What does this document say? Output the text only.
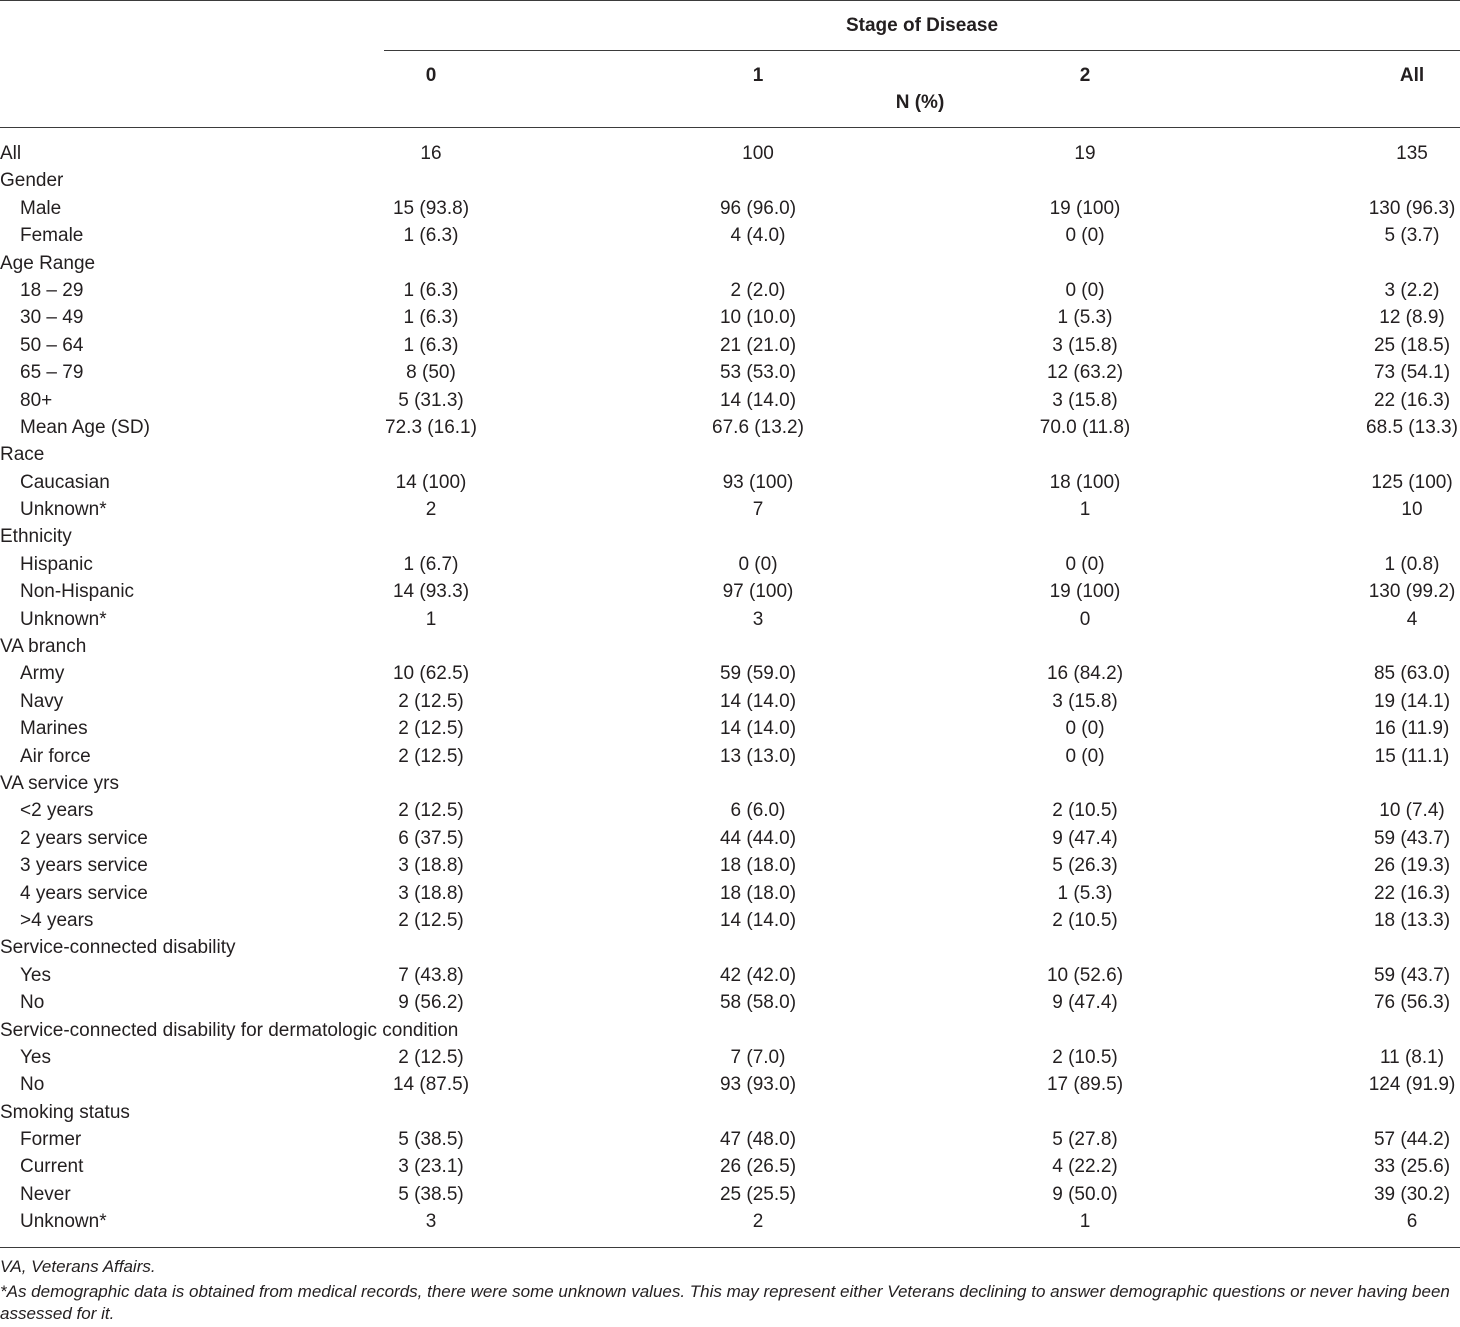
Stage of Disease
0	1	2	All
N (%)
All	16	100	19	135
Gender
Male	15 (93.8)	96 (96.0)	19 (100)	130 (96.3)
Female	1 (6.3)	4 (4.0)	0 (0)	5 (3.7)
Age Range
18 – 29	1 (6.3)	2 (2.0)	0 (0)	3 (2.2)
30 – 49	1 (6.3)	10 (10.0)	1 (5.3)	12 (8.9)
50 – 64	1 (6.3)	21 (21.0)	3 (15.8)	25 (18.5)
65 – 79	8 (50)	53 (53.0)	12 (63.2)	73 (54.1)
80+	5 (31.3)	14 (14.0)	3 (15.8)	22 (16.3)
Mean Age (SD)	72.3 (16.1)	67.6 (13.2)	70.0 (11.8)	68.5 (13.3)
Race
Caucasian	14 (100)	93 (100)	18 (100)	125 (100)
Unknown*	2	7	1	10
Ethnicity
Hispanic	1 (6.7)	0 (0)	0 (0)	1 (0.8)
Non-Hispanic	14 (93.3)	97 (100)	19 (100)	130 (99.2)
Unknown*	1	3	0	4
VA branch
Army	10 (62.5)	59 (59.0)	16 (84.2)	85 (63.0)
Navy	2 (12.5)	14 (14.0)	3 (15.8)	19 (14.1)
Marines	2 (12.5)	14 (14.0)	0 (0)	16 (11.9)
Air force	2 (12.5)	13 (13.0)	0 (0)	15 (11.1)
VA service yrs
<2 years	2 (12.5)	6 (6.0)	2 (10.5)	10 (7.4)
2 years service	6 (37.5)	44 (44.0)	9 (47.4)	59 (43.7)
3 years service	3 (18.8)	18 (18.0)	5 (26.3)	26 (19.3)
4 years service	3 (18.8)	18 (18.0)	1 (5.3)	22 (16.3)
>4 years	2 (12.5)	14 (14.0)	2 (10.5)	18 (13.3)
Service-connected disability
Yes	7 (43.8)	42 (42.0)	10 (52.6)	59 (43.7)
No	9 (56.2)	58 (58.0)	9 (47.4)	76 (56.3)
Service-connected disability for dermatologic condition
Yes	2 (12.5)	7 (7.0)	2 (10.5)	11 (8.1)
No	14 (87.5)	93 (93.0)	17 (89.5)	124 (91.9)
Smoking status
Former	5 (38.5)	47 (48.0)	5 (27.8)	57 (44.2)
Current	3 (23.1)	26 (26.5)	4 (22.2)	33 (25.6)
Never	5 (38.5)	25 (25.5)	9 (50.0)	39 (30.2)
Unknown*	3	2	1	6
VA, Veterans Affairs.
*As demographic data is obtained from medical records, there were some unknown values. This may represent either Veterans declining to answer demographic questions or never having been assessed for it.
